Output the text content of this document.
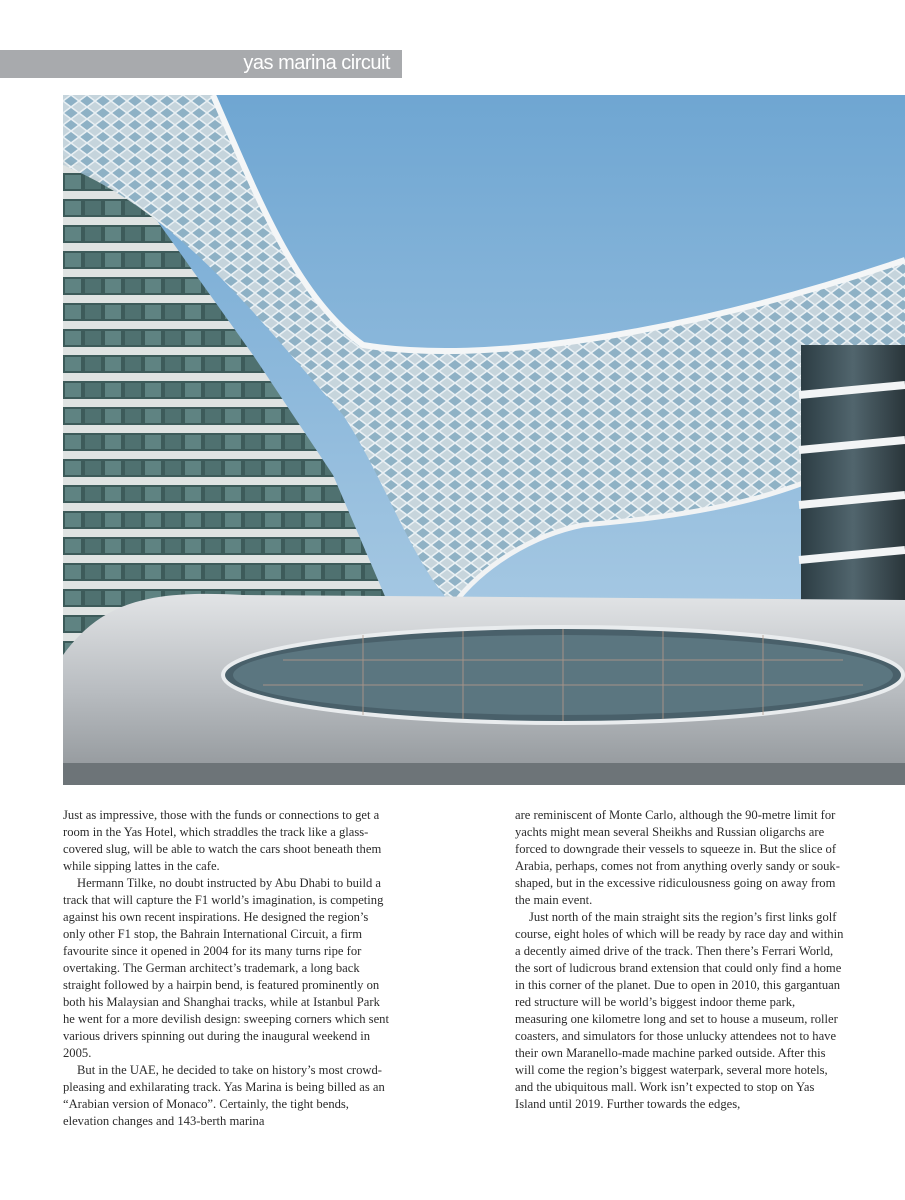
yas marina circuit

Just as impressive, those with the funds or connections to get a room in the Yas Hotel, which straddles the track like a glass-covered slug, will be able to watch the cars shoot beneath them while sipping lattes in the cafe.

Hermann Tilke, no doubt instructed by Abu Dhabi to build a track that will capture the F1 world’s imagination, is competing against his own recent inspirations. He designed the region’s only other F1 stop, the Bahrain International Circuit, a firm favourite since it opened in 2004 for its many turns ripe for overtaking. The German architect’s trademark, a long back straight followed by a hairpin bend, is featured prominently on both his Malaysian and Shanghai tracks, while at Istanbul Park he went for a more devilish design: sweeping corners which sent various drivers spinning out during the inaugural weekend in 2005.

But in the UAE, he decided to take on history’s most crowd-pleasing and exhilarating track. Yas Marina is being billed as an “Arabian version of Monaco”. Certainly, the tight bends, elevation changes and 143-berth marina

are reminiscent of Monte Carlo, although the 90-metre limit for yachts might mean several Sheikhs and Russian oligarchs are forced to downgrade their vessels to squeeze in. But the slice of Arabia, perhaps, comes not from anything overly sandy or souk-shaped, but in the excessive ridiculousness going on away from the main event.

Just north of the main straight sits the region’s first links golf course, eight holes of which will be ready by race day and within a decently aimed drive of the track. Then there’s Ferrari World, the sort of ludicrous brand extension that could only find a home in this corner of the planet. Due to open in 2010, this gargantuan red structure will be world’s biggest indoor theme park, measuring one kilometre long and set to house a museum, roller coasters, and simulators for those unlucky attendees not to have their own Maranello-made machine parked outside. After this will come the region’s biggest waterpark, several more hotels, and the ubiquitous mall. Work isn’t expected to stop on Yas Island until 2019. Further towards the edges,
